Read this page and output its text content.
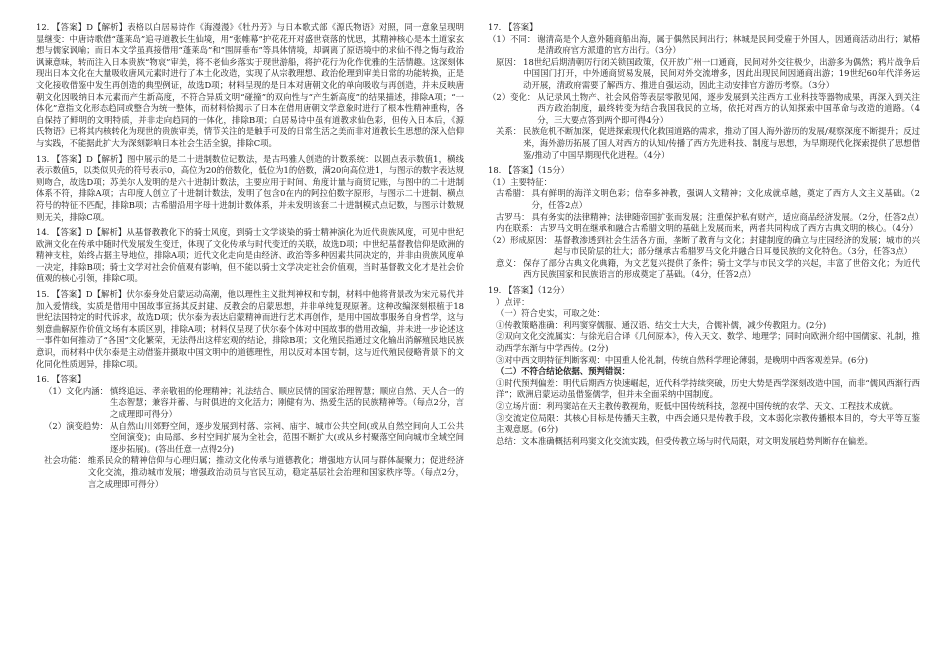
12. 【答案】D【解析】表格以白居易诗作《海漫漫》《牡丹芳》与日本歌式部《源氏物语》对照，同一意象呈现明显继变：中唐诗歌借“蓬莱岛”追寻道教长生仙境，用“张帷幕”护花花开对盛世衰落的忧思，其精神核心是本土道家玄想与儒家讽喻；而日本文学虽真接借用“蓬莱岛”和“围屏垂布”等具体情境，却调离了原语境中的求仙不得之悔与政治讽谏意味，转而注入日本贵族“物哀”审美，将不老仙乡落实于现世游船，将护花行为化作优雅的生活情趣。这深刻体现出日本文化在大量吸收唐风元素时进行了本土化改造，实现了从宗教理想、政治伦理到审美日常的功能转换，正是文化接收借鉴中发生再创造的典型例证，故选D项；材料呈现的是日本对唐朝文化的单向吸收与再创造，并未反映唐朝文化因吸纳日本元素而产生新高度，不符合异质文明“碰撞”的双向性与“产生新高度”的结果描述，排除A项；“一体化”意指文化形态趋同或整合为统一整体，而材料恰揭示了日本在借用唐朝文学意象时进行了根本性精神重构，各自保持了鲜明的文明特质，并非走向趋同的一体化，排除B项；白居易诗中虽有道教求仙色彩，但传入日本后，《源氏物语》已将其内核转化为现世的贵族审美，情节关注的是触手可及的日常生活之美而非对道教长生思想的深入信仰与实践，不能据此扩大为深刻影响日本社会生活全貌，排除C项。

13. 【答案】D【解析】图中展示的是二十进制数位记数法，是古玛雅人创造的计数系统：以圆点表示数值1，横线表示数值5，以类似贝壳的符号表示0，高位为20的倍数化，低位为1的倍数，满20向高位进1，与图示的数字表达规则吻合，故选D项；苏美尔人发明的是六十进制计数法，主要应用于时间、角度计量与商贸记账，与图中的二十进制体系不符，排除A项；古印度人创立了十进制计数法，发明了包含0在内的阿拉伯数字原形，与图示二十进制、横点符号的特征不匹配，排除B项；古希腊沿用字母十进制计数体系，并未发明该套二十进制模式点记数，与图示计数规则无关，排除C项。

14. 【答案】D【解析】从基督教教化下的骑士风度，到骑士文学谈染的骑士精神演化为近代贵族风度，可见中世纪欧洲文化在传承中随时代发展发生变迁，体现了文化传承与时代变迁的关联，故选D项；中世纪基督教信仰是欧洲的精神支柱，始终占据主导地位，排除A项；近代文化走向是由经济、政治等多种因素共同决定的，并非由贵族风度单一决定，排除B项；骑士文学对社会价值观有影响，但不能以骑士文学决定社会价值观，当时基督教文化才是社会价值观的核心引领，排除C项。

15. 【答案】D【解析】伏尔泰身处启蒙运动高潮，他以理性主义批判神权和专制，材料中他将背景改为宋元易代并加入爱情线，实质是借用中国故事宣扬其反封建、反教会的启蒙思想，并非单纯复现原著。这种改编深刻根植于18世纪法国特定的时代诉求，故选D项；伏尔泰为表达启蒙精神而进行艺术再创作，是用中国故事服务自身哲学，这与刻意曲解原作价值文场有本质区别，排除A项；材料仅呈现了伏尔泰个体对中国故事的借用改编，并未进一步论述这一事件如何推动了“各国”文化繁荣，无法得出这样宏观的结论，排除B项；文化殖民指通过文化输出消解殖民地民族意识，而材料中伏尔泰是主动借鉴并摄取中国文明中的道德理性，用以反对本国专制，这与近代殖民侵略背景下的文化同化性质迥异，排除C项。

16. 【答案】

（1）文化内涵： 慎终追远、孝亲敬祖的伦理精神；礼法结合、顺应民情的国家治理智慧；顺应自然、天人合一的生态智慧；兼容并蓄、与时俱进的文化活力；刚健有为、热爱生活的民族精神等。（每点2分，言之成理即可得分）
（2）演变趋势： 从自然山川郊野空间，逐步发展到村落、宗祠、庙宇、城市公共空间(或从自然空间向人工公共空间演变)；由局部、乡村空间扩展为全社会，范围不断扩大(或从乡村聚落空间向城市全域空间逐步拓展)。(答出任意一点得2分)
社会功能： 维系民众的精神信仰与心理归属；推动文化传承与道德教化；增强地方认同与群体凝聚力；促进经济文化交流，推动城市发展；增强政治动员与官民互动，稳定基层社会治理和国家秩序等。（每点2分，言之成理即可得分）

17. 【答案】

（1）不同： 谢清高是个人意外随商船出海，属于偶然民间出行；林城是民间受雇于外国人，因通商活动出行；斌椿是清政府官方派遣的官方出行。（3分）
原因： 18世纪后期清朝厉行闭关锁国政策，仅开放广州一口通商，民间对外交往极少，出游多为偶然；鸦片战争后中国国门打开，中外通商贸易发展，民间对外交流增多，因此出现民间因通商出游；19世纪60年代洋务运动开展，清政府需要了解西方、推进自强运动，因此主动安排官方游历考察。（3分）
（2）变化： 从记录风土物产、社会风俗等表层零散见闻，逐步发展到关注西方工业科技等器物成果，再深入到关注西方政治制度，最终转变为结合我国我民的立场，依托对西方的认知探索中国革命与改造的道路。（4分，三大要点答到两个即可得4分）
关系： 民族危机不断加深，促进探索现代化救国道路的需求，推动了国人海外游历的发展/观察深度不断提升；反过来，海外游历拓展了国人对西方的认知/传播了西方先进科技、制度与思想，为早期现代化探索提供了思想借鉴/推动了中国早期现代化进程。（4分）

18. 【答案】（15分）

（1）主要特征：

古希腊： 具有鲜明的海洋文明色彩；信奉多神教，强调人文精神；文化成就卓越，奠定了西方人文主义基础。（2分，任答2点）
古罗马： 具有务实的法律精神；法律随帝国扩张而发展；注重保护私有财产，适应商品经济发展。（2分，任答2点）
内在联系： 古罗马文明在继承和融合古希腊文明的基础上发展而来，两者共同构成了西方古典文明的核心。（4分）
（2）形成原因： 基督教渗透到社会生活各方面，垄断了教育与文化；封建制度的确立与庄园经济的发展；城市的兴起与市民阶层的壮大；部分继承古希腊罗马文化并融合日耳曼民族的文化特色。（3分，任答3点）
意义： 保存了部分古典文化典籍，为文艺复兴提供了条件；骑士文学与市民文学的兴起，丰富了世俗文化；为近代西方民族国家和民族语言的形成奠定了基础。（4分，任答2点）

19. 【答案】（12分）

）点评：

（一）符合史实，可取之处：

①传教策略准确：利玛窦穿儒服、通汉语、结交士大夫，合儒补儒，减少传教阻力。(2分)

②双向文化交流属实：与徐光启合译《几何原本》，传入天文、数学、地理学；同时向欧洲介绍中国儒家、礼制，推动西学东渐与中学西传。(2分)

③对中西文明特征判断客观：中国重人伦礼制，传统自然科学理论薄弱，是晚明中西客观差异。(6分)

（二）不符合结论依据、预判错误：

①时代预判偏差：明代后期西方快速崛起，近代科学持续突破，历史大势是西学深刻改造中国，而非“儒风西渐行西洋”；欧洲启蒙运动虽借鉴儒学，但并未全面采纳中国制度。

②立场片面：利玛窦站在天主教传教视角，贬低中国传统科技，忽视中国传统的农学、天文、工程技术成就。

③交流定位局限：其核心目标是传播天主教，中西会通只是传教手段，文本弱化宗教传播根本目的，夸大平等互鉴主观意愿。(6分)

总结：文本准确概括利玛窦文化交流实践，但受传教立场与时代局限，对文明发展趋势判断存在偏差。
